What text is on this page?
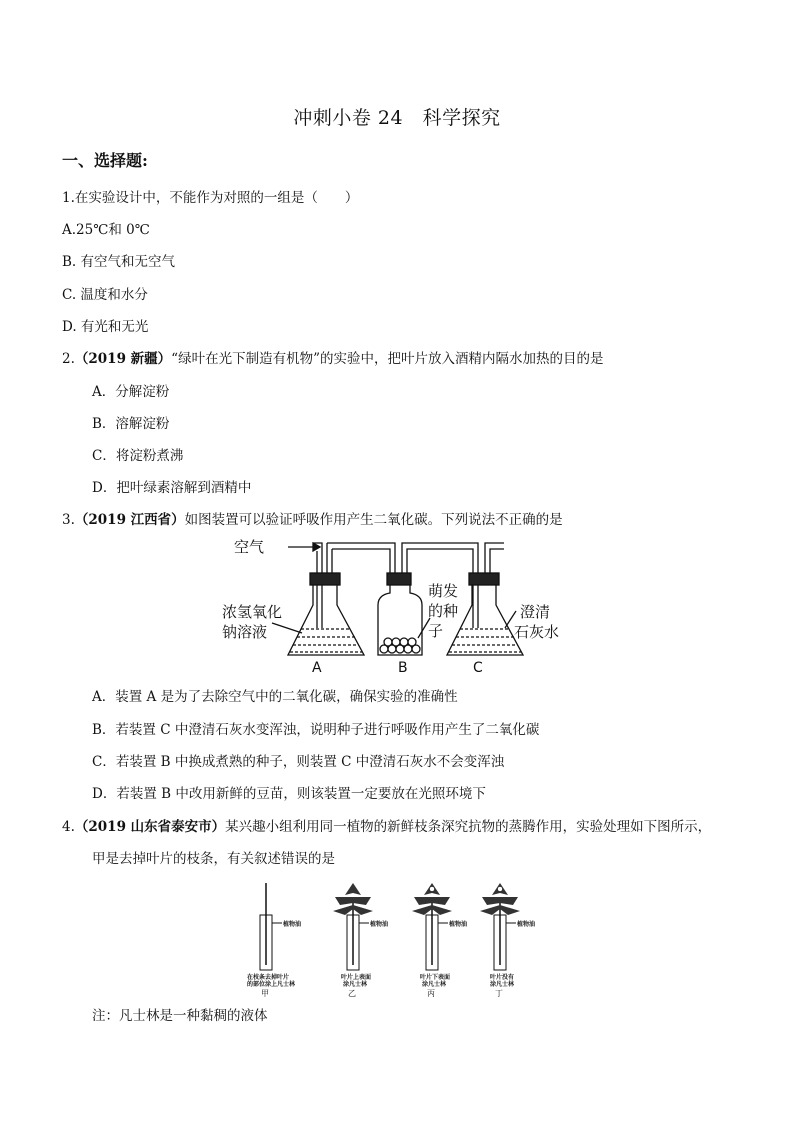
冲刺小卷 24　科学探究
一、选择题:
1.在实验设计中，不能作为对照的一组是（　　）
A.25℃和 0℃
B. 有空气和无空气
C. 温度和水分
D. 有光和无光
2.（2019 新疆）“绿叶在光下制造有机物”的实验中，把叶片放入酒精内隔水加热的目的是
A．分解淀粉
B．溶解淀粉
C．将淀粉煮沸
D．把叶绿素溶解到酒精中
3.（2019 江西省）如图装置可以验证呼吸作用产生二氧化碳。下列说法不正确的是
空气
浓氢氧化
钠溶液
萌发
的种
子
澄清
石灰水
A	B	C
A．装置 A 是为了去除空气中的二氧化碳，确保实验的准确性
B．若装置 C 中澄清石灰水变浑浊，说明种子进行呼吸作用产生了二氧化碳
C．若装置 B 中换成煮熟的种子，则装置 C 中澄清石灰水不会变浑浊
D．若装置 B 中改用新鲜的豆苗，则该装置一定要放在光照环境下
4.（2019 山东省泰安市）某兴趣小组利用同一植物的新鲜枝条深究抗物的蒸腾作用，实验处理如下图所示，
甲是去掉叶片的枝条，有关叙述错误的是
植物油	植物油	植物油	植物油
在枝条去掉叶片
的部位涂上凡士林
叶片上表面
涂凡士林
叶片下表面
涂凡士林
叶片没有
涂凡士林
甲	乙	丙	丁
注：凡士林是一种黏稠的液体
